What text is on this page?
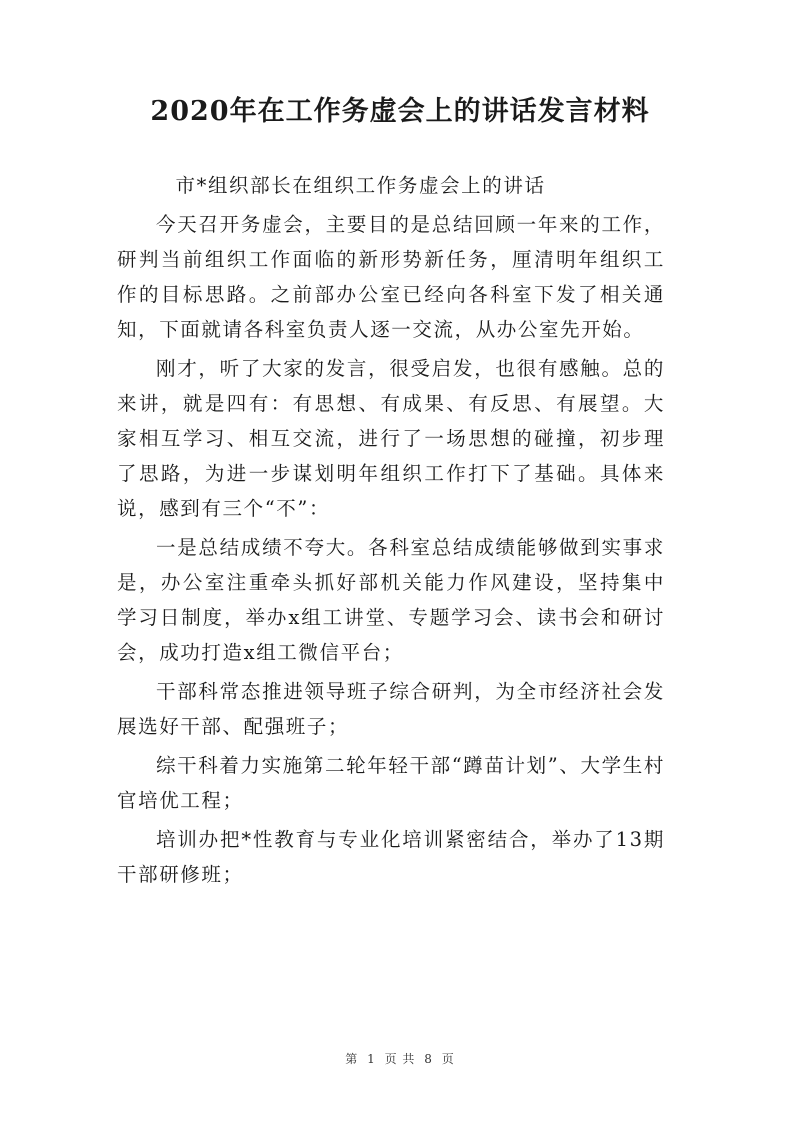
2020年在工作务虚会上的讲话发言材料

市*组织部长在组织工作务虚会上的讲话

今天召开务虚会，主要目的是总结回顾一年来的工作，研判当前组织工作面临的新形势新任务，厘清明年组织工作的目标思路。之前部办公室已经向各科室下发了相关通知，下面就请各科室负责人逐一交流，从办公室先开始。

刚才，听了大家的发言，很受启发，也很有感触。总的来讲，就是四有：有思想、有成果、有反思、有展望。大家相互学习、相互交流，进行了一场思想的碰撞，初步理了思路，为进一步谋划明年组织工作打下了基础。具体来说，感到有三个“不”：

一是总结成绩不夸大。各科室总结成绩能够做到实事求是，办公室注重牵头抓好部机关能力作风建设，坚持集中学习日制度，举办x组工讲堂、专题学习会、读书会和研讨会，成功打造x组工微信平台；

干部科常态推进领导班子综合研判，为全市经济社会发展选好干部、配强班子；

综干科着力实施第二轮年轻干部“蹲苗计划”、大学生村官培优工程；

培训办把*性教育与专业化培训紧密结合，举办了13期干部研修班；

第 1 页 共 8 页
